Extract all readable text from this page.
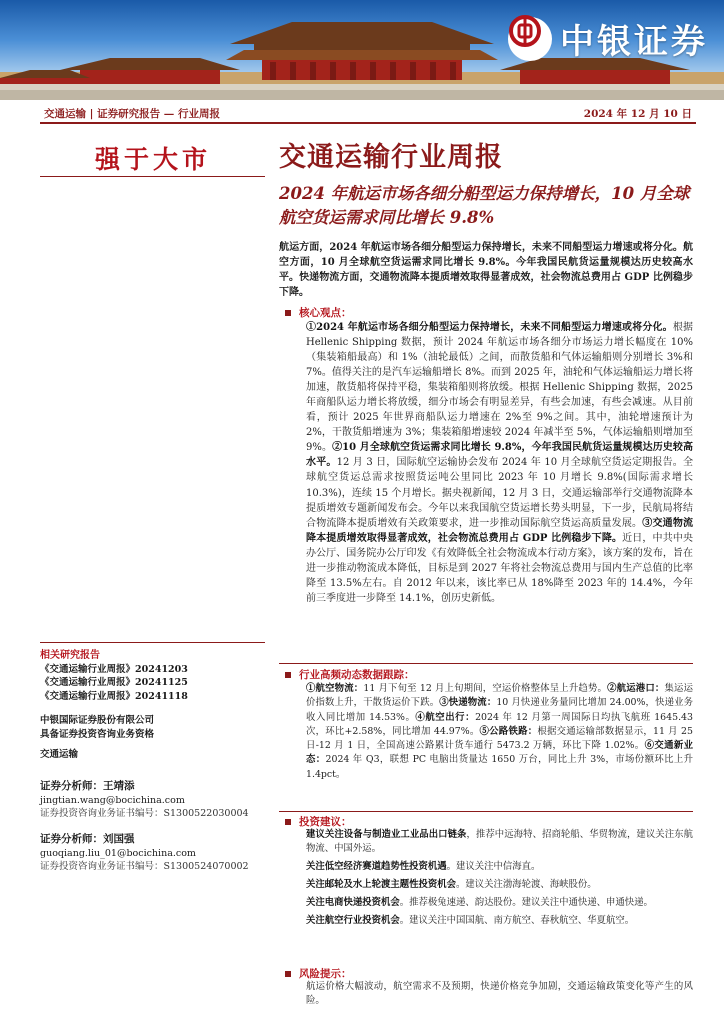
中银证券
交通运输 | 证券研究报告 — 行业周报	2024 年 12 月 10 日
强于大市
相关研究报告
《交通运输行业周报》20241203
《交通运输行业周报》20241125
《交通运输行业周报》20241118
中银国际证券股份有限公司
具备证券投资咨询业务资格
交通运输
证券分析师：王靖添
jingtian.wang@bocichina.com
证券投资咨询业务证书编号：S1300522030004
证券分析师：刘国强
guoqiang.liu_01@bocichina.com
证券投资咨询业务证书编号：S1300524070002
交通运输行业周报
2024 年航运市场各细分船型运力保持增长，10 月全球航空货运需求同比增长 9.8%
航运方面，2024 年航运市场各细分船型运力保持增长，未来不同船型运力增速或将分化。航空方面，10 月全球航空货运需求同比增长 9.8%。今年我国民航货运量规模达历史较高水平。快递物流方面，交通物流降本提质增效取得显著成效，社会物流总费用占 GDP 比例稳步下降。
核心观点：
①2024 年航运市场各细分船型运力保持增长，未来不同船型运力增速或将分化。根据 Hellenic Shipping 数据，预计 2024 年航运市场各细分市场运力增长幅度在 10%（集装箱船最高）和 1%（油轮最低）之间，而散货船和气体运输船则分别增长 3%和 7%。值得关注的是汽车运输船增长 8%。而到 2025 年，油轮和气体运输船运力增长将加速，散货船将保持平稳，集装箱船则将放缓。根据 Hellenic Shipping 数据，2025 年商船队运力增长将放缓，细分市场会有明显差异，有些会加速，有些会减速。从目前看，预计 2025 年世界商船队运力增速在 2%至 9%之间。其中，油轮增速预计为 2%，干散货船增速为 3%；集装箱船增速较 2024 年减半至 5%，气体运输船则增加至 9%。②10 月全球航空货运需求同比增长 9.8%，今年我国民航货运量规模达历史较高水平。12 月 3 日，国际航空运输协会发布 2024 年 10 月全球航空货运定期报告。全球航空货运总需求按照货运吨公里同比 2023 年 10 月增长 9.8%(国际需求增长 10.3%)，连续 15 个月增长。据央视新闻，12 月 3 日，交通运输部举行交通物流降本提质增效专题新闻发布会。今年以来我国航空货运增长势头明显，下一步，民航局将结合物流降本提质增效有关政策要求，进一步推动国际航空货运高质量发展。③交通物流降本提质增效取得显著成效，社会物流总费用占 GDP 比例稳步下降。近日，中共中央办公厅、国务院办公厅印发《有效降低全社会物流成本行动方案》，该方案的发布，旨在进一步推动物流成本降低，目标是到 2027 年将社会物流总费用与国内生产总值的比率降至 13.5%左右。自 2012 年以来，该比率已从 18%降至 2023 年的 14.4%，今年前三季度进一步降至 14.1%，创历史新低。
行业高频动态数据跟踪：
①航空物流：11 月下旬至 12 月上旬期间，空运价格整体呈上升趋势。②航运港口：集运运价指数上升，干散货运价下跌。③快递物流：10 月快递业务量同比增加 24.00%，快递业务收入同比增加 14.53%。④航空出行：2024 年 12 月第一周国际日均执飞航班 1645.43 次，环比+2.58%，同比增加 44.97%。⑤公路铁路：根据交通运输部数据显示，11 月 25 日-12 月 1 日，全国高速公路累计货车通行 5473.2 万辆，环比下降 1.02%。⑥交通新业态：2024 年 Q3，联想 PC 电脑出货量达 1650 万台，同比上升 3%，市场份额环比上升 1.4pct。
投资建议：
建议关注设备与制造业工业品出口链条，推荐中远海特、招商轮船、华贸物流，建议关注东航物流、中国外运。
关注低空经济赛道趋势性投资机遇。建议关注中信海直。
关注邮轮及水上轮渡主题性投资机会。建议关注渤海轮渡、海峡股份。
关注电商快递投资机会。推荐极兔速递、韵达股份。建议关注中通快递、申通快递。
关注航空行业投资机会。建议关注中国国航、南方航空、春秋航空、华夏航空。
风险提示：
航运价格大幅波动，航空需求不及预期，快递价格竞争加剧，交通运输政策变化等产生的风险。
